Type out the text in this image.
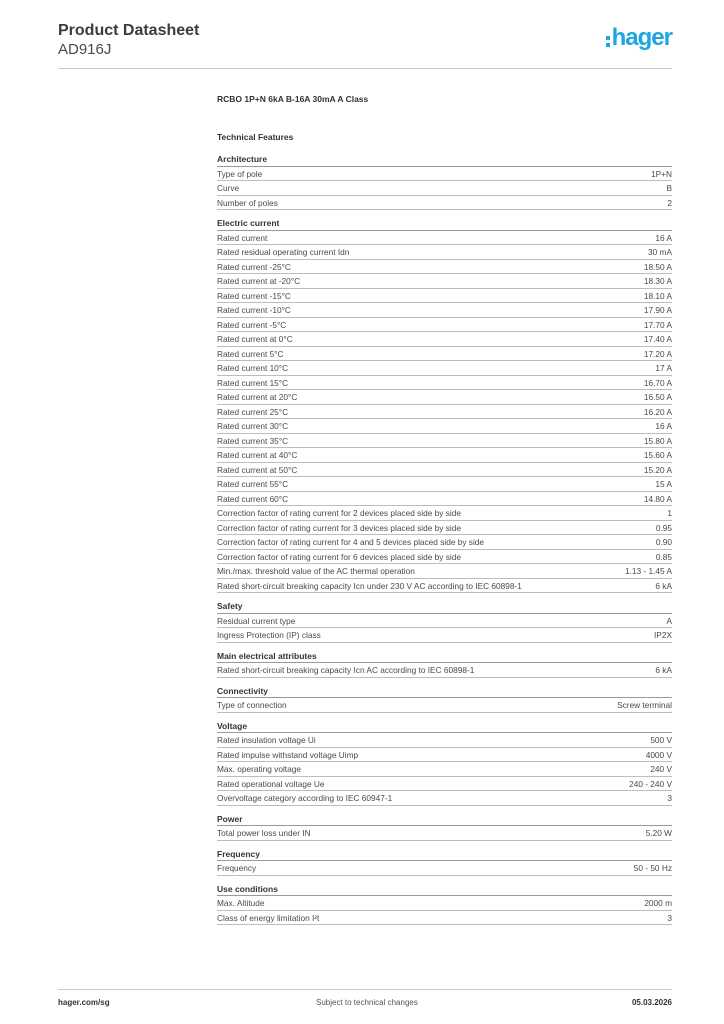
Product Datasheet
AD916J	hager
RCBO 1P+N 6kA B-16A 30mA A Class
Technical Features
Architecture
Type of pole	1P+N
Curve	B
Number of poles	2
Electric current
Rated current	16 A
Rated residual operating current Idn	30 mA
Rated current -25°C	18.50 A
Rated current at -20°C	18.30 A
Rated current -15°C	18.10 A
Rated current -10°C	17.90 A
Rated current -5°C	17.70 A
Rated current at 0°C	17.40 A
Rated current 5°C	17.20 A
Rated current 10°C	17 A
Rated current 15°C	16.70 A
Rated current at 20°C	16.50 A
Rated current 25°C	16.20 A
Rated current 30°C	16 A
Rated current 35°C	15.80 A
Rated current at 40°C	15.60 A
Rated current at 50°C	15.20 A
Rated current 55°C	15 A
Rated current 60°C	14.80 A
Correction factor of rating current for 2 devices placed side by side	1
Correction factor of rating current for 3 devices placed side by side	0.95
Correction factor of rating current for 4 and 5 devices placed side by side	0.90
Correction factor of rating current for 6 devices placed side by side	0.85
Min./max. threshold value of the AC thermal operation	1.13 - 1.45 A
Rated short-circuit breaking capacity Icn under 230 V AC according to IEC 60898-1	6 kA
Safety
Residual current type	A
Ingress Protection (IP) class	IP2X
Main electrical attributes
Rated short-circuit breaking capacity Icn AC according to IEC 60898-1	6 kA
Connectivity
Type of connection	Screw terminal
Voltage
Rated insulation voltage Ui	500 V
Rated impulse withstand voltage Uimp	4000 V
Max. operating voltage	240 V
Rated operational voltage Ue	240 - 240 V
Overvoltage category according to IEC 60947-1	3
Power
Total power loss under IN	5.20 W
Frequency
Frequency	50 - 50 Hz
Use conditions
Max. Altitude	2000 m
Class of energy limitation I²t	3
hager.com/sg	Subject to technical changes	05.03.2026
